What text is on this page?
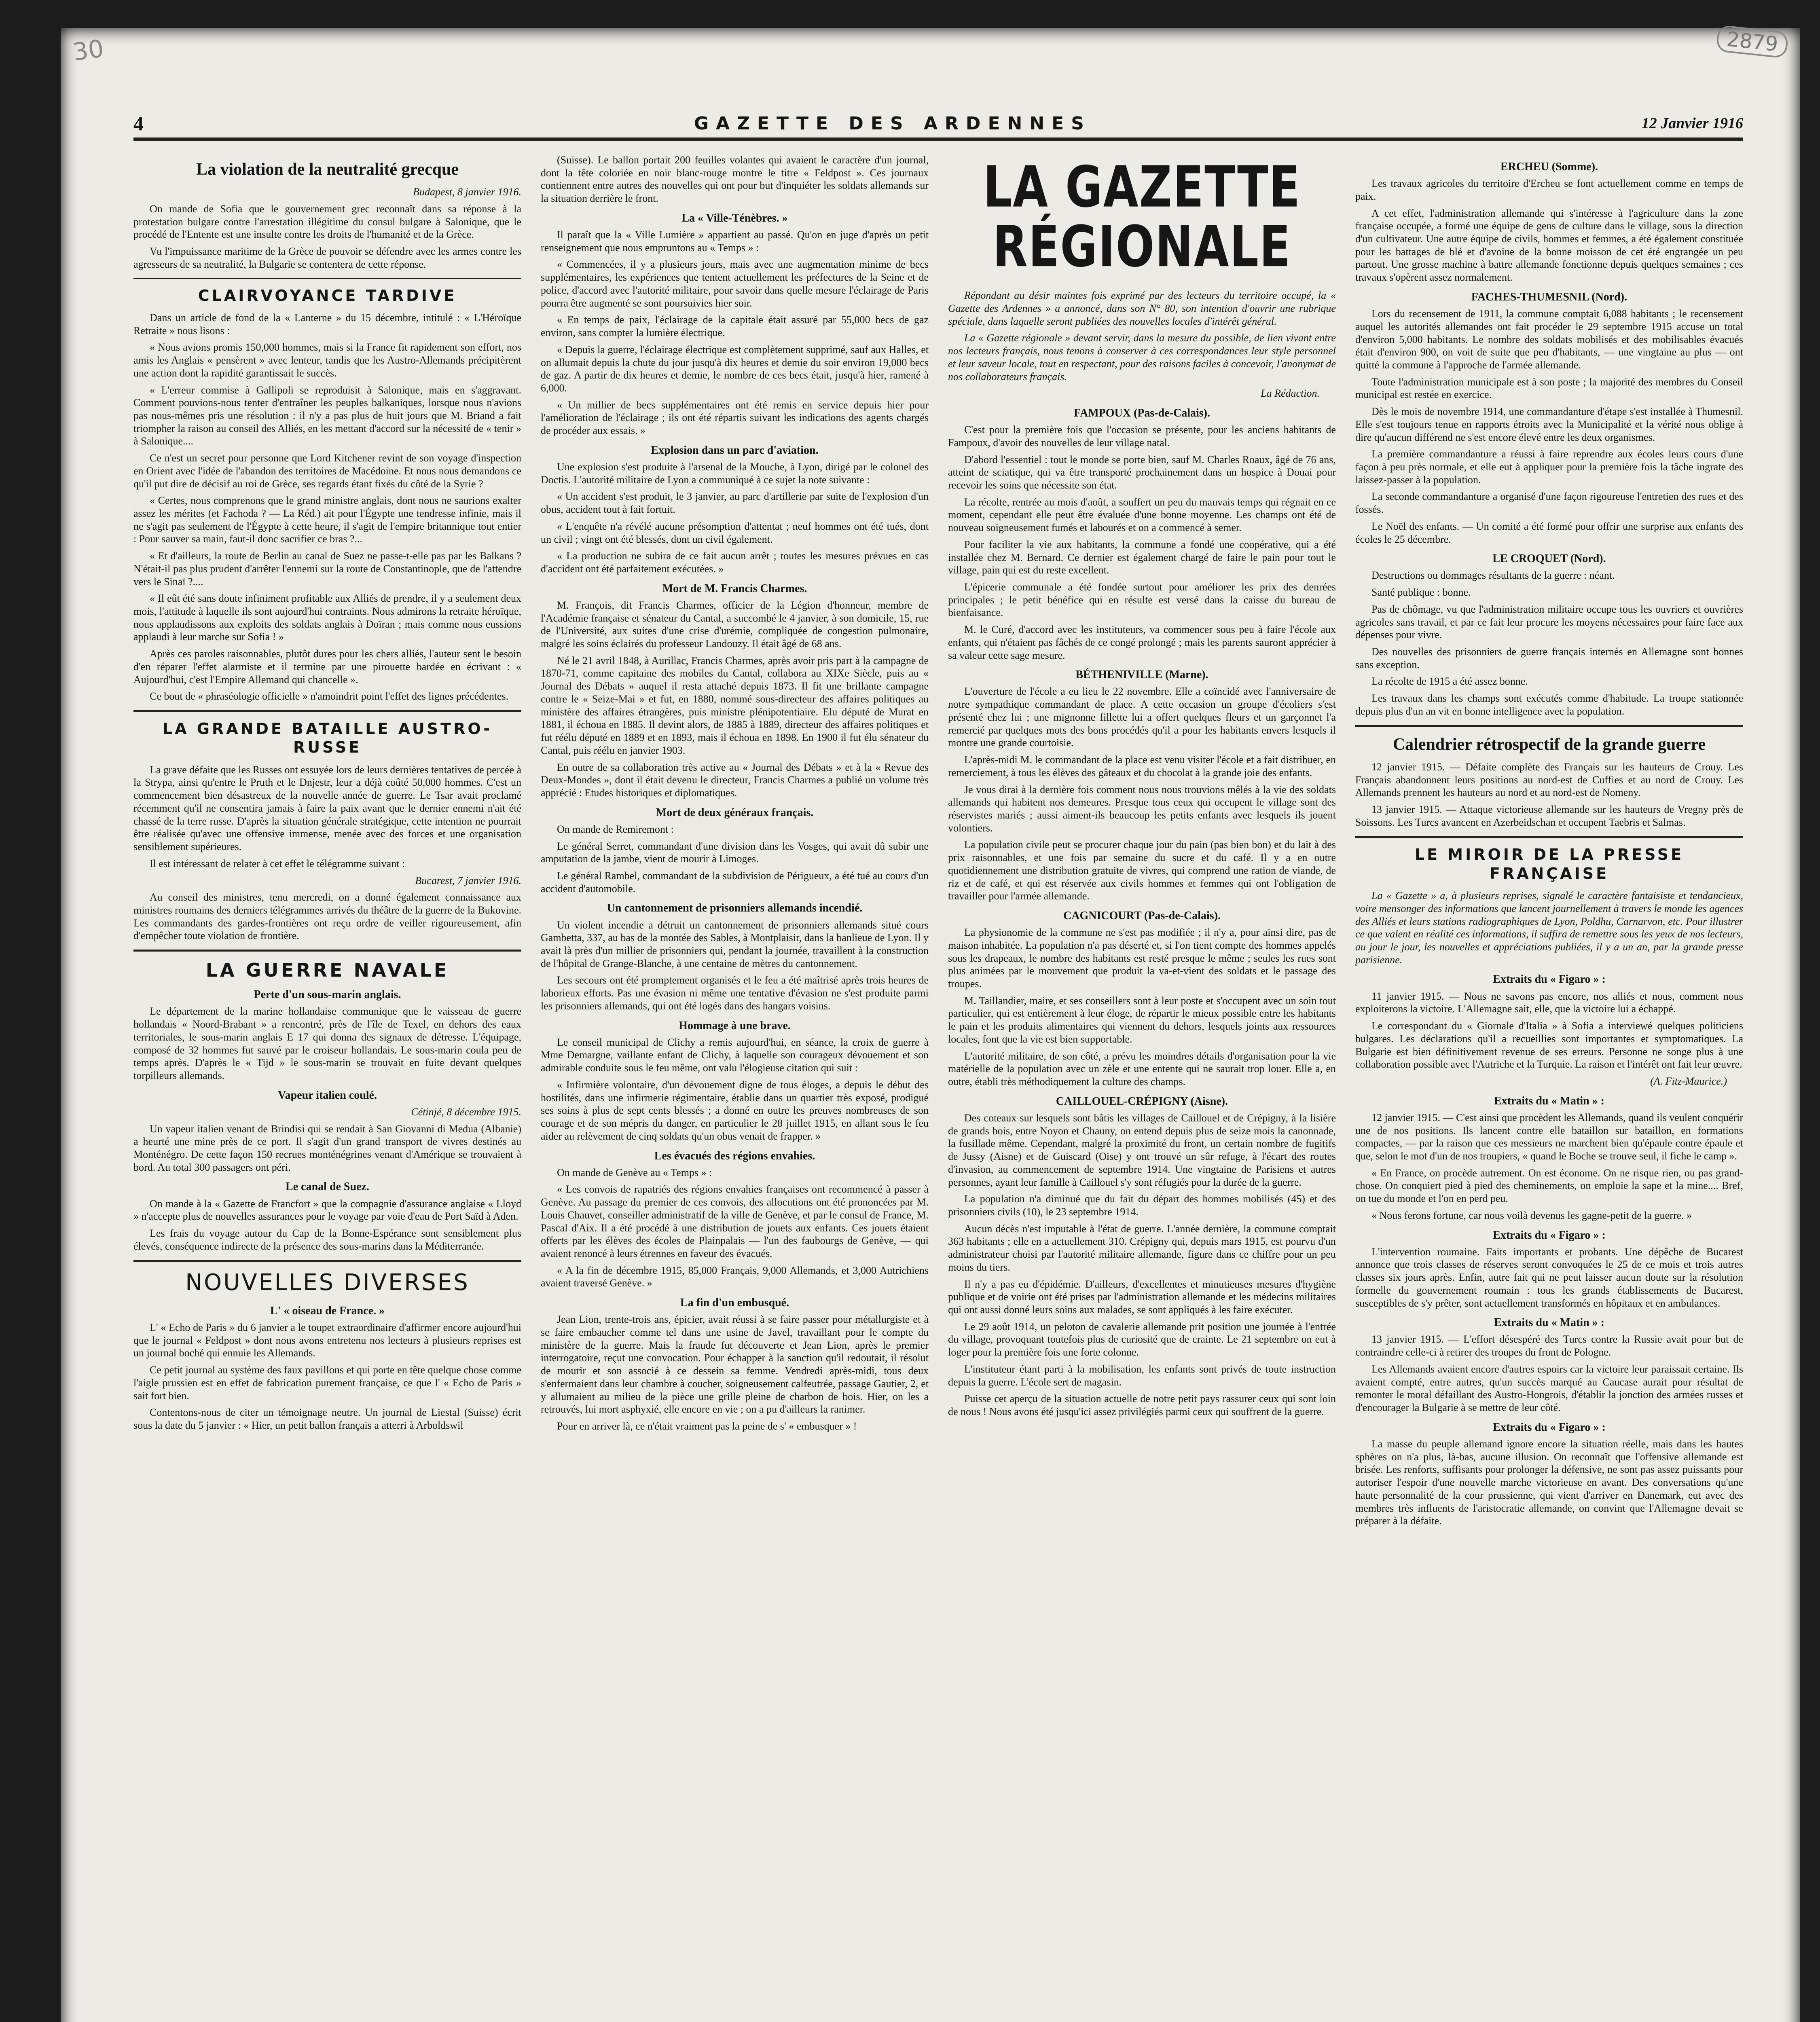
30	2879
4	GAZETTE DES ARDENNES	12 Janvier 1916
La violation de la neutralité grecque
Budapest, 8 janvier 1916.

On mande de Sofia que le gouvernement grec reconnaît dans sa réponse à la protestation bulgare contre l'arrestation illégitime du consul bulgare à Salonique, que le procédé de l'Entente est une insulte contre les droits de l'humanité et de la Grèce.

Vu l'impuissance maritime de la Grèce de pouvoir se défendre avec les armes contre les agresseurs de sa neutralité, la Bulgarie se contentera de cette réponse.

CLAIRVOYANCE TARDIVE

Dans un article de fond de la « Lanterne » du 15 décembre, intitulé : « L'Héroïque Retraite » nous lisons :

« Nous avions promis 150,000 hommes, mais si la France fit rapidement son effort, nos amis les Anglais « pensèrent » avec lenteur, tandis que les Austro-Allemands précipitèrent une action dont la rapidité garantissait le succès.

« L'erreur commise à Gallipoli se reproduisit à Salonique, mais en s'aggravant. Comment pouvions-nous tenter d'entraîner les peuples balkaniques, lorsque nous n'avions pas nous-mêmes pris une résolution : il n'y a pas plus de huit jours que M. Briand a fait triompher la raison au conseil des Alliés, en les mettant d'accord sur la nécessité de « tenir » à Salonique....

Ce n'est un secret pour personne que Lord Kitchener revint de son voyage d'inspection en Orient avec l'idée de l'abandon des territoires de Macédoine. Et nous nous demandons ce qu'il put dire de décisif au roi de Grèce, ses regards étant fixés du côté de la Syrie ?

« Certes, nous comprenons que le grand ministre anglais, dont nous ne saurions exalter assez les mérites (et Fachoda ? — La Réd.) ait pour l'Égypte une tendresse infinie, mais il ne s'agit pas seulement de l'Égypte à cette heure, il s'agit de l'empire britannique tout entier : Pour sauver sa main, faut-il donc sacrifier ce bras ?...

« Et d'ailleurs, la route de Berlin au canal de Suez ne passe-t-elle pas par les Balkans ? N'était-il pas plus prudent d'arrêter l'ennemi sur la route de Constantinople, que de l'attendre vers le Sinaï ?....

« Il eût été sans doute infiniment profitable aux Alliés de prendre, il y a seulement deux mois, l'attitude à laquelle ils sont aujourd'hui contraints. Nous admirons la retraite héroïque, nous applaudissons aux exploits des soldats anglais à Doïran ; mais comme nous eussions applaudi à leur marche sur Sofia ! »

Après ces paroles raisonnables, plutôt dures pour les chers alliés, l'auteur sent le besoin d'en réparer l'effet alarmiste et il termine par une pirouette bardée en écrivant : « Aujourd'hui, c'est l'Empire Allemand qui chancelle ».

Ce bout de « phraséologie officielle » n'amoindrit point l'effet des lignes précédentes.

LA GRANDE BATAILLE AUSTRO-RUSSE

La grave défaite que les Russes ont essuyée lors de leurs dernières tentatives de percée à la Strypa, ainsi qu'entre le Pruth et le Dnjestr, leur a déjà coûté 50,000 hommes. C'est un commencement bien désastreux de la nouvelle année de guerre. Le Tsar avait proclamé récemment qu'il ne consentira jamais à faire la paix avant que le dernier ennemi n'ait été chassé de la terre russe. D'après la situation générale stratégique, cette intention ne pourrait être réalisée qu'avec une offensive immense, menée avec des forces et une organisation sensiblement supérieures.

Il est intéressant de relater à cet effet le télégramme suivant :

Bucarest, 7 janvier 1916.

Au conseil des ministres, tenu mercredi, on a donné également connaissance aux ministres roumains des derniers télégrammes arrivés du théâtre de la guerre de la Bukovine. Les commandants des gardes-frontières ont reçu ordre de veiller rigoureusement, afin d'empêcher toute violation de frontière.

LA GUERRE NAVALE
Perte d'un sous-marin anglais.

Le département de la marine hollandaise communique que le vaisseau de guerre hollandais « Noord-Brabant » a rencontré, près de l'île de Texel, en dehors des eaux territoriales, le sous-marin anglais E 17 qui donna des signaux de détresse. L'équipage, composé de 32 hommes fut sauvé par le croiseur hollandais. Le sous-marin coula peu de temps après. D'après le « Tijd » le sous-marin se trouvait en fuite devant quelques torpilleurs allemands.

Vapeur italien coulé.
Cétinjé, 8 décembre 1915.

Un vapeur italien venant de Brindisi qui se rendait à San Giovanni di Medua (Albanie) a heurté une mine près de ce port. Il s'agit d'un grand transport de vivres destinés au Monténégro. De cette façon 150 recrues monténégrines venant d'Amérique se trouvaient à bord. Au total 300 passagers ont péri.

Le canal de Suez.

On mande à la « Gazette de Francfort » que la compagnie d'assurance anglaise « Lloyd » n'accepte plus de nouvelles assurances pour le voyage par voie d'eau de Port Saïd à Aden.

Les frais du voyage autour du Cap de la Bonne-Espérance sont sensiblement plus élevés, conséquence indirecte de la présence des sous-marins dans la Méditerranée.

NOUVELLES DIVERSES
L' « oiseau de France. »

L' « Echo de Paris » du 6 janvier a le toupet extraordinaire d'affirmer encore aujourd'hui que le journal « Feldpost » dont nous avons entretenu nos lecteurs à plusieurs reprises est un journal boché qui ennuie les Allemands.

Ce petit journal au système des faux pavillons et qui porte en tête quelque chose comme l'aigle prussien est en effet de fabrication purement française, ce que l' « Echo de Paris » sait fort bien.

Contentons-nous de citer un témoignage neutre. Un journal de Liestal (Suisse) écrit sous la date du 5 janvier : « Hier, un petit ballon français a atterri à Arboldswil

(Suisse). Le ballon portait 200 feuilles volantes qui avaient le caractère d'un journal, dont la tête coloriée en noir blanc-rouge montre le titre « Feldpost ». Ces journaux contiennent entre autres des nouvelles qui ont pour but d'inquiéter les soldats allemands sur la situation derrière le front.

La « Ville-Ténèbres. »

Il paraît que la « Ville Lumière » appartient au passé. Qu'on en juge d'après un petit renseignement que nous empruntons au « Temps » :

« Commencées, il y a plusieurs jours, mais avec une augmentation minime de becs supplémentaires, les expériences que tentent actuellement les préfectures de la Seine et de police, d'accord avec l'autorité militaire, pour savoir dans quelle mesure l'éclairage de Paris pourra être augmenté se sont poursuivies hier soir.

« En temps de paix, l'éclairage de la capitale était assuré par 55,000 becs de gaz environ, sans compter la lumière électrique.

« Depuis la guerre, l'éclairage électrique est complètement supprimé, sauf aux Halles, et on allumait depuis la chute du jour jusqu'à dix heures et demie du soir environ 19,000 becs de gaz. A partir de dix heures et demie, le nombre de ces becs était, jusqu'à hier, ramené à 6,000.

« Un millier de becs supplémentaires ont été remis en service depuis hier pour l'amélioration de l'éclairage ; ils ont été répartis suivant les indications des agents chargés de procéder aux essais. »

Explosion dans un parc d'aviation.

Une explosion s'est produite à l'arsenal de la Mouche, à Lyon, dirigé par le colonel des Doctis. L'autorité militaire de Lyon a communiqué à ce sujet la note suivante :

« Un accident s'est produit, le 3 janvier, au parc d'artillerie par suite de l'explosion d'un obus, accident tout à fait fortuit.

« L'enquête n'a révélé aucune présomption d'attentat ; neuf hommes ont été tués, dont un civil ; vingt ont été blessés, dont un civil également.

« La production ne subira de ce fait aucun arrêt ; toutes les mesures prévues en cas d'accident ont été parfaitement exécutées. »

Mort de M. Francis Charmes.

M. François, dit Francis Charmes, officier de la Légion d'honneur, membre de l'Académie française et sénateur du Cantal, a succombé le 4 janvier, à son domicile, 15, rue de l'Université, aux suites d'une crise d'urémie, compliquée de congestion pulmonaire, malgré les soins éclairés du professeur Landouzy. Il était âgé de 68 ans.

Né le 21 avril 1848, à Aurillac, Francis Charmes, après avoir pris part à la campagne de 1870-71, comme capitaine des mobiles du Cantal, collabora au XIXe Siècle, puis au « Journal des Débats » auquel il resta attaché depuis 1873. Il fit une brillante campagne contre le « Seize-Mai » et fut, en 1880, nommé sous-directeur des affaires politiques au ministère des affaires étrangères, puis ministre plénipotentiaire. Elu député de Murat en 1881, il échoua en 1885. Il devint alors, de 1885 à 1889, directeur des affaires politiques et fut réélu député en 1889 et en 1893, mais il échoua en 1898. En 1900 il fut élu sénateur du Cantal, puis réélu en janvier 1903.

En outre de sa collaboration très active au « Journal des Débats » et à la « Revue des Deux-Mondes », dont il était devenu le directeur, Francis Charmes a publié un volume très apprécié : Etudes historiques et diplomatiques.

Mort de deux généraux français.

On mande de Remiremont :

Le général Serret, commandant d'une division dans les Vosges, qui avait dû subir une amputation de la jambe, vient de mourir à Limoges.

Le général Rambel, commandant de la subdivision de Périgueux, a été tué au cours d'un accident d'automobile.

Un cantonnement de prisonniers allemands incendié.

Un violent incendie a détruit un cantonnement de prisonniers allemands situé cours Gambetta, 337, au bas de la montée des Sables, à Montplaisir, dans la banlieue de Lyon. Il y avait là près d'un millier de prisonniers qui, pendant la journée, travaillent à la construction de l'hôpital de Grange-Blanche, à une centaine de mètres du cantonnement.

Les secours ont été promptement organisés et le feu a été maîtrisé après trois heures de laborieux efforts. Pas une évasion ni même une tentative d'évasion ne s'est produite parmi les prisonniers allemands, qui ont été logés dans des hangars voisins.

Hommage à une brave.

Le conseil municipal de Clichy a remis aujourd'hui, en séance, la croix de guerre à Mme Demargne, vaillante enfant de Clichy, à laquelle son courageux dévouement et son admirable conduite sous le feu même, ont valu l'élogieuse citation qui suit :

« Infirmière volontaire, d'un dévouement digne de tous éloges, a depuis le début des hostilités, dans une infirmerie régimentaire, établie dans un quartier très exposé, prodigué ses soins à plus de sept cents blessés ; a donné en outre les preuves nombreuses de son courage et de son mépris du danger, en particulier le 28 juillet 1915, en allant sous le feu aider au relèvement de cinq soldats qu'un obus venait de frapper. »

Les évacués des régions envahies.

On mande de Genève au « Temps » :

« Les convois de rapatriés des régions envahies françaises ont recommencé à passer à Genève. Au passage du premier de ces convois, des allocutions ont été prononcées par M. Louis Chauvet, conseiller administratif de la ville de Genève, et par le consul de France, M. Pascal d'Aix. Il a été procédé à une distribution de jouets aux enfants. Ces jouets étaient offerts par les élèves des écoles de Plainpalais — l'un des faubourgs de Genève, — qui avaient renoncé à leurs étrennes en faveur des évacués.

« A la fin de décembre 1915, 85,000 Français, 9,000 Allemands, et 3,000 Autrichiens avaient traversé Genève. »

La fin d'un embusqué.

Jean Lion, trente-trois ans, épicier, avait réussi à se faire passer pour métallurgiste et à se faire embaucher comme tel dans une usine de Javel, travaillant pour le compte du ministère de la guerre. Mais la fraude fut découverte et Jean Lion, après le premier interrogatoire, reçut une convocation. Pour échapper à la sanction qu'il redoutait, il résolut de mourir et son associé à ce dessein sa femme. Vendredi après-midi, tous deux s'enfermaient dans leur chambre à coucher, soigneusement calfeutrée, passage Gautier, 2, et y allumaient au milieu de la pièce une grille pleine de charbon de bois. Hier, on les a retrouvés, lui mort asphyxié, elle encore en vie ; on a pu d'ailleurs la ranimer.

Pour en arriver là, ce n'était vraiment pas la peine de s' « embusquer » !

LA GAZETTE RÉGIONALE

Répondant au désir maintes fois exprimé par des lecteurs du territoire occupé, la « Gazette des Ardennes » a annoncé, dans son N° 80, son intention d'ouvrir une rubrique spéciale, dans laquelle seront publiées des nouvelles locales d'intérêt général.

La « Gazette régionale » devant servir, dans la mesure du possible, de lien vivant entre nos lecteurs français, nous tenons à conserver à ces correspondances leur style personnel et leur saveur locale, tout en respectant, pour des raisons faciles à concevoir, l'anonymat de nos collaborateurs français.

La Rédaction.
FAMPOUX (Pas-de-Calais).

C'est pour la première fois que l'occasion se présente, pour les anciens habitants de Fampoux, d'avoir des nouvelles de leur village natal.

D'abord l'essentiel : tout le monde se porte bien, sauf M. Charles Roaux, âgé de 76 ans, atteint de sciatique, qui va être transporté prochainement dans un hospice à Douai pour recevoir les soins que nécessite son état.

La récolte, rentrée au mois d'août, a souffert un peu du mauvais temps qui régnait en ce moment, cependant elle peut être évaluée d'une bonne moyenne. Les champs ont été de nouveau soigneusement fumés et labourés et on a commencé à semer.

Pour faciliter la vie aux habitants, la commune a fondé une coopérative, qui a été installée chez M. Bernard. Ce dernier est également chargé de faire le pain pour tout le village, pain qui est du reste excellent.

L'épicerie communale a été fondée surtout pour améliorer les prix des denrées principales ; le petit bénéfice qui en résulte est versé dans la caisse du bureau de bienfaisance.

M. le Curé, d'accord avec les instituteurs, va commencer sous peu à faire l'école aux enfants, qui n'étaient pas fâchés de ce congé prolongé ; mais les parents sauront apprécier à sa valeur cette sage mesure.

BÉTHENIVILLE (Marne).

L'ouverture de l'école a eu lieu le 22 novembre. Elle a coïncidé avec l'anniversaire de notre sympathique commandant de place. A cette occasion un groupe d'écoliers s'est présenté chez lui ; une mignonne fillette lui a offert quelques fleurs et un garçonnet l'a remercié par quelques mots des bons procédés qu'il a pour les habitants envers lesquels il montre une grande courtoisie.

L'après-midi M. le commandant de la place est venu visiter l'école et a fait distribuer, en remerciement, à tous les élèves des gâteaux et du chocolat à la grande joie des enfants.

Je vous dirai à la dernière fois comment nous nous trouvions mêlés à la vie des soldats allemands qui habitent nos demeures. Presque tous ceux qui occupent le village sont des réservistes mariés ; aussi aiment-ils beaucoup les petits enfants avec lesquels ils jouent volontiers.

La population civile peut se procurer chaque jour du pain (pas bien bon) et du lait à des prix raisonnables, et une fois par semaine du sucre et du café. Il y a en outre quotidiennement une distribution gratuite de vivres, qui comprend une ration de viande, de riz et de café, et qui est réservée aux civils hommes et femmes qui ont l'obligation de travailler pour l'armée allemande.

CAGNICOURT (Pas-de-Calais).

La physionomie de la commune ne s'est pas modifiée ; il n'y a, pour ainsi dire, pas de maison inhabitée. La population n'a pas déserté et, si l'on tient compte des hommes appelés sous les drapeaux, le nombre des habitants est resté presque le même ; seules les rues sont plus animées par le mouvement que produit la va-et-vient des soldats et le passage des troupes.

M. Taillandier, maire, et ses conseillers sont à leur poste et s'occupent avec un soin tout particulier, qui est entièrement à leur éloge, de répartir le mieux possible entre les habitants le pain et les produits alimentaires qui viennent du dehors, lesquels joints aux ressources locales, font que la vie est bien supportable.

L'autorité militaire, de son côté, a prévu les moindres détails d'organisation pour la vie matérielle de la population avec un zèle et une entente qui ne saurait trop louer. Elle a, en outre, établi très méthodiquement la culture des champs.

CAILLOUEL-CRÉPIGNY (Aisne).

Des coteaux sur lesquels sont bâtis les villages de Caillouel et de Crépigny, à la lisière de grands bois, entre Noyon et Chauny, on entend depuis plus de seize mois la canonnade, la fusillade même. Cependant, malgré la proximité du front, un certain nombre de fugitifs de Jussy (Aisne) et de Guiscard (Oise) y ont trouvé un sûr refuge, à l'écart des routes d'invasion, au commencement de septembre 1914. Une vingtaine de Parisiens et autres personnes, ayant leur famille à Caillouel s'y sont réfugiés pour la durée de la guerre.

La population n'a diminué que du fait du départ des hommes mobilisés (45) et des prisonniers civils (10), le 23 septembre 1914.

Aucun décès n'est imputable à l'état de guerre. L'année dernière, la commune comptait 363 habitants ; elle en a actuellement 310. Crépigny qui, depuis mars 1915, est pourvu d'un administrateur choisi par l'autorité militaire allemande, figure dans ce chiffre pour un peu moins du tiers.

Il n'y a pas eu d'épidémie. D'ailleurs, d'excellentes et minutieuses mesures d'hygiène publique et de voirie ont été prises par l'administration allemande et les médecins militaires qui ont aussi donné leurs soins aux malades, se sont appliqués à les faire exécuter.

Le 29 août 1914, un peloton de cavalerie allemande prit position une journée à l'entrée du village, provoquant toutefois plus de curiosité que de crainte. Le 21 septembre on eut à loger pour la première fois une forte colonne.

L'instituteur étant parti à la mobilisation, les enfants sont privés de toute instruction depuis la guerre. L'école sert de magasin.

Puisse cet aperçu de la situation actuelle de notre petit pays rassurer ceux qui sont loin de nous ! Nous avons été jusqu'ici assez privilégiés parmi ceux qui souffrent de la guerre.

ERCHEU (Somme).

Les travaux agricoles du territoire d'Ercheu se font actuellement comme en temps de paix.

A cet effet, l'administration allemande qui s'intéresse à l'agriculture dans la zone française occupée, a formé une équipe de gens de culture dans le village, sous la direction d'un cultivateur. Une autre équipe de civils, hommes et femmes, a été également constituée pour les battages de blé et d'avoine de la bonne moisson de cet été engrangée un peu partout. Une grosse machine à battre allemande fonctionne depuis quelques semaines ; ces travaux s'opèrent assez normalement.

FACHES-THUMESNIL (Nord).

Lors du recensement de 1911, la commune comptait 6,088 habitants ; le recensement auquel les autorités allemandes ont fait procéder le 29 septembre 1915 accuse un total d'environ 5,000 habitants. Le nombre des soldats mobilisés et des mobilisables évacués était d'environ 900, on voit de suite que peu d'habitants, — une vingtaine au plus — ont quitté la commune à l'approche de l'armée allemande.

Toute l'administration municipale est à son poste ; la majorité des membres du Conseil municipal est restée en exercice.

Dès le mois de novembre 1914, une commandanture d'étape s'est installée à Thumesnil. Elle s'est toujours tenue en rapports étroits avec la Municipalité et la vérité nous oblige à dire qu'aucun différend ne s'est encore élevé entre les deux organismes.

La première commandanture a réussi à faire reprendre aux écoles leurs cours d'une façon à peu près normale, et elle eut à appliquer pour la première fois la tâche ingrate des laissez-passer à la population.

La seconde commandanture a organisé d'une façon rigoureuse l'entretien des rues et des fossés.

Le Noël des enfants. — Un comité a été formé pour offrir une surprise aux enfants des écoles le 25 décembre.

LE CROQUET (Nord).

Destructions ou dommages résultants de la guerre : néant.

Santé publique : bonne.

Pas de chômage, vu que l'administration militaire occupe tous les ouvriers et ouvrières agricoles sans travail, et par ce fait leur procure les moyens nécessaires pour faire face aux dépenses pour vivre.

Des nouvelles des prisonniers de guerre français internés en Allemagne sont bonnes sans exception.

La récolte de 1915 a été assez bonne.

Les travaux dans les champs sont exécutés comme d'habitude. La troupe stationnée depuis plus d'un an vit en bonne intelligence avec la population.

Calendrier rétrospectif de la grande guerre

12 janvier 1915. — Défaite complète des Français sur les hauteurs de Crouy. Les Français abandonnent leurs positions au nord-est de Cuffies et au nord de Crouy. Les Allemands prennent les hauteurs au nord et au nord-est de Nomeny.

13 janvier 1915. — Attaque victorieuse allemande sur les hauteurs de Vregny près de Soissons. Les Turcs avancent en Azerbeidschan et occupent Taebris et Salmas.

LE MIROIR DE LA PRESSE FRANÇAISE

La « Gazette » a, à plusieurs reprises, signalé le caractère fantaisiste et tendancieux, voire mensonger des informations que lancent journellement à travers le monde les agences des Alliés et leurs stations radiographiques de Lyon, Poldhu, Carnarvon, etc. Pour illustrer ce que valent en réalité ces informations, il suffira de remettre sous les yeux de nos lecteurs, au jour le jour, les nouvelles et appréciations publiées, il y a un an, par la grande presse parisienne.

Extraits du « Figaro » :

11 janvier 1915. — Nous ne savons pas encore, nos alliés et nous, comment nous exploiterons la victoire. L'Allemagne sait, elle, que la victoire lui a échappé.

Le correspondant du « Giornale d'Italia » à Sofia a interviewé quelques politiciens bulgares. Les déclarations qu'il a recueillies sont importantes et symptomatiques. La Bulgarie est bien définitivement revenue de ses erreurs. Personne ne songe plus à une collaboration possible avec l'Autriche et la Turquie. La raison et l'intérêt ont fait leur œuvre.

(A. Fitz-Maurice.)
Extraits du « Matin » :

12 janvier 1915. — C'est ainsi que procèdent les Allemands, quand ils veulent conquérir une de nos positions. Ils lancent contre elle bataillon sur bataillon, en formations compactes, — par la raison que ces messieurs ne marchent bien qu'épaule contre épaule et que, selon le mot d'un de nos troupiers, « quand le Boche se trouve seul, il fiche le camp ».

« En France, on procède autrement. On est économe. On ne risque rien, ou pas grand-chose. On conquiert pied à pied des cheminements, on emploie la sape et la mine.... Bref, on tue du monde et l'on en perd peu.

« Nous ferons fortune, car nous voilà devenus les gagne-petit de la guerre. »

Extraits du « Figaro » :

L'intervention roumaine. Faits importants et probants. Une dépêche de Bucarest annonce que trois classes de réserves seront convoquées le 25 de ce mois et trois autres classes six jours après. Enfin, autre fait qui ne peut laisser aucun doute sur la résolution formelle du gouvernement roumain : tous les grands établissements de Bucarest, susceptibles de s'y prêter, sont actuellement transformés en hôpitaux et en ambulances.

Extraits du « Matin » :

13 janvier 1915. — L'effort désespéré des Turcs contre la Russie avait pour but de contraindre celle-ci à retirer des troupes du front de Pologne.

Les Allemands avaient encore d'autres espoirs car la victoire leur paraissait certaine. Ils avaient compté, entre autres, qu'un succès marqué au Caucase aurait pour résultat de remonter le moral défaillant des Austro-Hongrois, d'établir la jonction des armées russes et d'encourager la Bulgarie à se mettre de leur côté.

Extraits du « Figaro » :

La masse du peuple allemand ignore encore la situation réelle, mais dans les hautes sphères on n'a plus, là-bas, aucune illusion. On reconnaît que l'offensive allemande est brisée. Les renforts, suffisants pour prolonger la défensive, ne sont pas assez puissants pour autoriser l'espoir d'une nouvelle marche victorieuse en avant. Des conversations qu'une haute personnalité de la cour prussienne, qui vient d'arriver en Danemark, eut avec des membres très influents de l'aristocratie allemande, on convint que l'Allemagne devait se préparer à la défaite.
